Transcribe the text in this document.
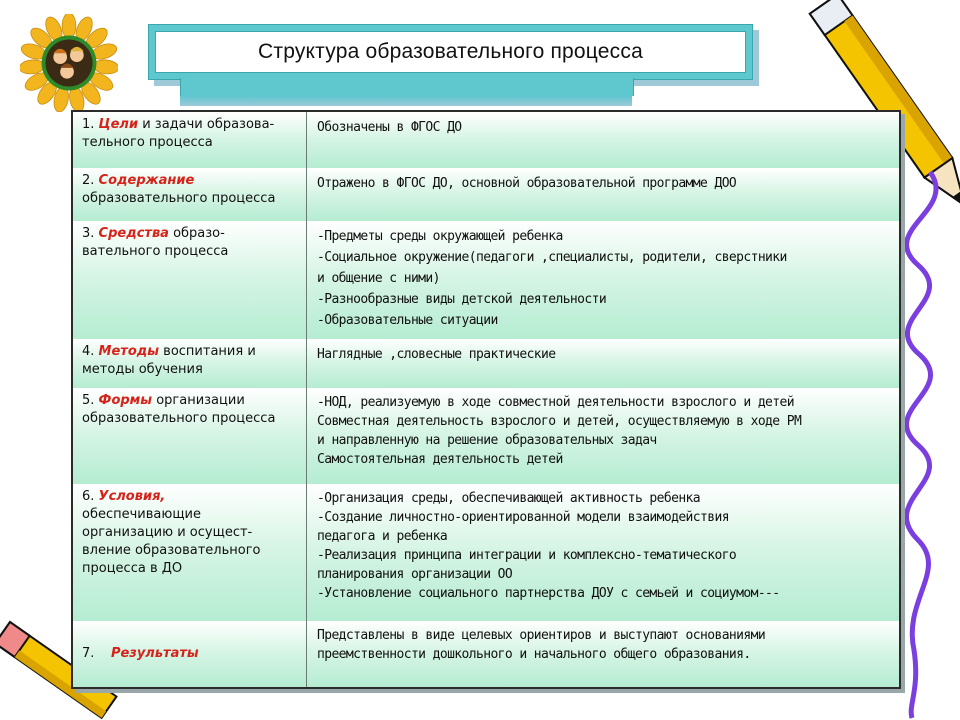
Структура образовательного процесса
1. Цели и задачи образова-
тельного процесса
Обозначены в ФГОС ДО
2. Содержание
образовательного процесса
Отражено в ФГОС ДО, основной образовательной программе ДОО
3. Средства образо-
вательного процесса
-Предметы среды окружающей ребенка
-Социальное окружение(педагоги ,специалисты, родители, сверстники
и общение с ними)
-Разнообразные виды детской деятельности
-Образовательные ситуации
4. Методы воспитания и
методы обучения
Наглядные ,словесные практические
5. Формы организации
образовательного процесса
-НОД, реализуемую в ходе совместной деятельности взрослого и детей
Совместная деятельность взрослого и детей, осуществляемую в ходе РМ
и направленную на решение образовательных задач
Самостоятельная деятельность детей
6. Условия,
обеспечивающие
организацию и осущест-
вление образовательного
процесса в ДО
-Организация среды, обеспечивающей активность ребенка
-Создание личностно-ориентированной модели взаимодействия
педагога и ребенка
-Реализация принципа интеграции и комплексно-тематического
планирования организации ОО
-Установление социального партнерства ДОУ с семьей и социумом---
7. Результаты
Представлены в виде целевых ориентиров и выступают основаниями
преемственности дошкольного и начального общего образования.
